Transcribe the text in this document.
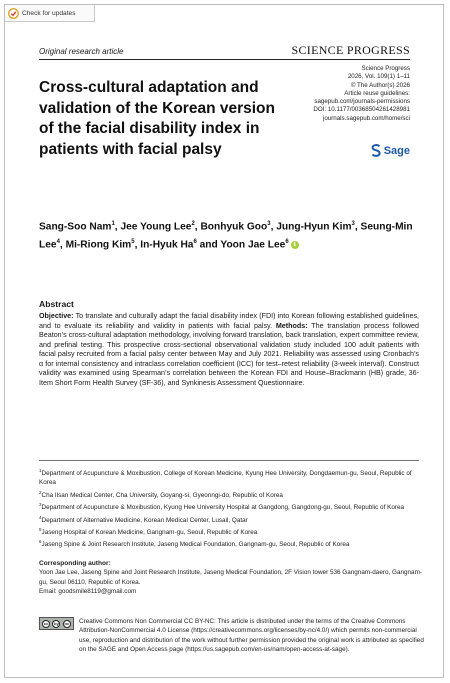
Check for updates
Original research article	SCIENCE PROGRESS
Cross-cultural adaptation and validation of the Korean version of the facial disability index in patients with facial palsy
Science Progress
2026, Vol. 109(1) 1–11
© The Author(s) 2026
Article reuse guidelines:
sagepub.com/journals-permissions
DOI: 10.1177/00368504261428981
journals.sagepub.com/home/sci
Sage

Sang-Soo Nam$^1$, Jee Young Lee$^2$, Bonhyuk Goo$^3$, Jung-Hyun Kim$^3$, Seung-Min Lee$^4$, Mi-Riong Kim$^5$, In-Hyuk Ha$^6$ and Yoon Jae Lee$^6$ℹ

Abstract

Objective: To translate and culturally adapt the facial disability index (FDI) into Korean following established guidelines, and to evaluate its reliability and validity in patients with facial palsy. Methods: The translation process followed Beaton’s cross-cultural adaptation methodology, involving forward translation, back translation, expert committee review, and prefinal testing. This prospective cross-sectional observational validation study included 100 adult patients with facial palsy recruited from a facial palsy center between May and July 2021. Reliability was assessed using Cronbach’s α for internal consistency and intraclass correlation coefficient (ICC) for test–retest reliability (3-week interval). Construct validity was examined using Spearman’s correlation between the Korean FDI and House–Brackmann (HB) grade, 36-Item Short Form Health Survey (SF-36), and Synkinesis Assessment Questionnaire.

$^1$Department of Acupuncture & Moxibustion, College of Korean Medicine, Kyung Hee University, Dongdaemun-gu, Seoul, Republic of Korea
$^2$Cha Ilsan Medical Center, Cha University, Goyang-si, Gyeonngi-do, Republic of Korea
$^3$Department of Acupuncture & Moxibustion, Kyung Hee University Hospital at Gangdong, Gangdong-gu, Seoul, Republic of Korea
$^4$Department of Alternative Medicine, Korean Medical Center, Lusail, Qatar
$^5$Jaseng Hospital of Korean Medicine, Gangnam-gu, Seoul, Republic of Korea
$^6$Jaseng Spine & Joint Research Institute, Jaseng Medical Foundation, Gangnam-gu, Seoul, Republic of Korea
Corresponding author:
Yoon Jae Lee, Jaseng Spine and Joint Research Institute, Jaseng Medical Foundation, 2F Vision tower 536 Gangnam-daero, Gangnam-gu, Seoul 06110, Republic of Korea.
Email: goodsmile8119@gmail.com
cc	by	nc Creative Commons Non Commercial CC BY-NC: This article is distributed under the terms of the Creative Commons Attribution-NonCommercial 4.0 License (https://creativecommons.org/licenses/by-nc/4.0/) which permits non-commercial use, reproduction and distribution of the work without further permission provided the original work is attributed as specified on the SAGE and Open Access page (https://us.sagepub.com/en-us/nam/open-access-at-sage).
